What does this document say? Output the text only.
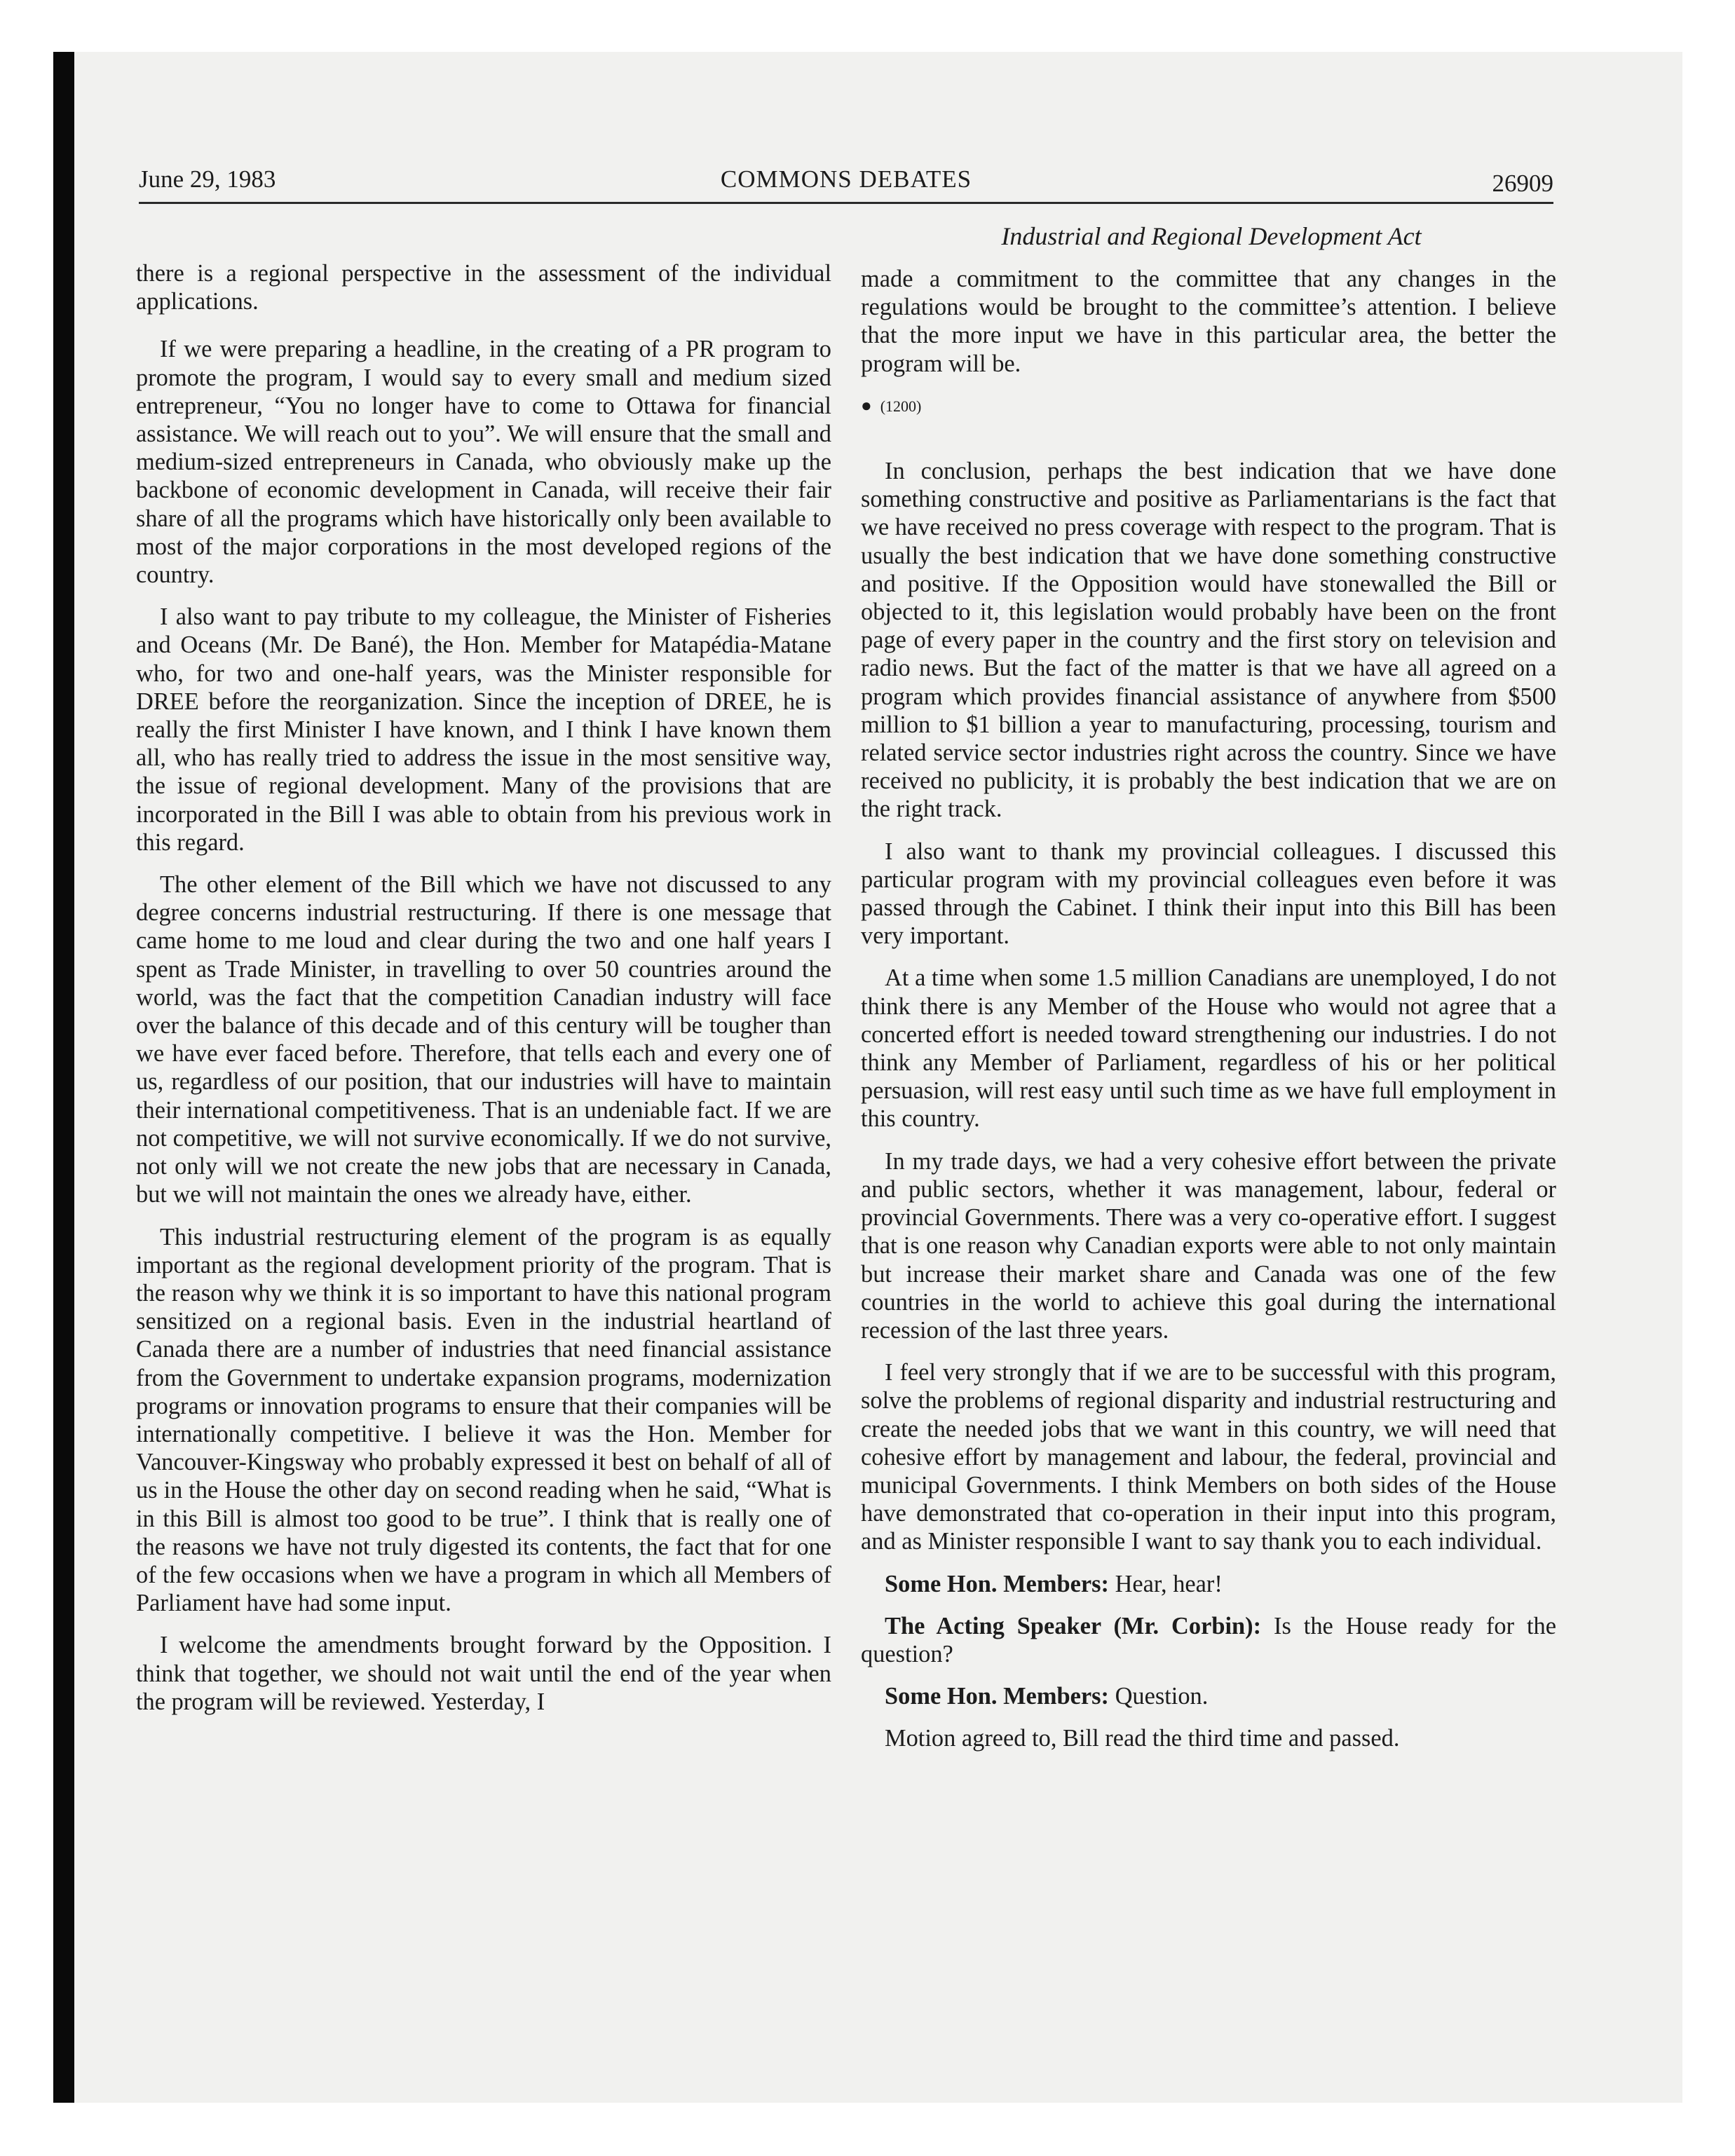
June 29, 1983	COMMONS DEBATES	26909
Industrial and Regional Development Act

there is a regional perspective in the assessment of the individual applications.

If we were preparing a headline, in the creating of a PR program to promote the program, I would say to every small and medium sized entrepreneur, “You no longer have to come to Ottawa for financial assistance. We will reach out to you”. We will ensure that the small and medium-sized entrepreneurs in Canada, who obviously make up the backbone of economic development in Canada, will receive their fair share of all the programs which have historically only been available to most of the major corporations in the most developed regions of the country.

I also want to pay tribute to my colleague, the Minister of Fisheries and Oceans (Mr. De Bané), the Hon. Member for Matapédia-Matane who, for two and one-half years, was the Minister responsible for DREE before the reorganization. Since the inception of DREE, he is really the first Minister I have known, and I think I have known them all, who has really tried to address the issue in the most sensitive way, the issue of regional development. Many of the provisions that are incorporated in the Bill I was able to obtain from his previous work in this regard.

The other element of the Bill which we have not discussed to any degree concerns industrial restructuring. If there is one message that came home to me loud and clear during the two and one half years I spent as Trade Minister, in travelling to over 50 countries around the world, was the fact that the competition Canadian industry will face over the balance of this decade and of this century will be tougher than we have ever faced before. Therefore, that tells each and every one of us, regardless of our position, that our industries will have to maintain their international competitiveness. That is an undeniable fact. If we are not competitive, we will not survive economically. If we do not survive, not only will we not create the new jobs that are necessary in Canada, but we will not maintain the ones we already have, either.

This industrial restructuring element of the program is as equally important as the regional development priority of the program. That is the reason why we think it is so important to have this national program sensitized on a regional basis. Even in the industrial heartland of Canada there are a number of industries that need financial assistance from the Government to undertake expansion programs, modernization programs or innovation programs to ensure that their companies will be internationally competitive. I believe it was the Hon. Member for Vancouver-Kingsway who probably expressed it best on behalf of all of us in the House the other day on second reading when he said, “What is in this Bill is almost too good to be true”. I think that is really one of the reasons we have not truly digested its contents, the fact that for one of the few occasions when we have a program in which all Members of Parliament have had some input.

I welcome the amendments brought forward by the Opposition. I think that together, we should not wait until the end of the year when the program will be reviewed. Yesterday, I

made a commitment to the committee that any changes in the regulations would be brought to the committee’s attention. I believe that the more input we have in this particular area, the better the program will be.

● (1200)

In conclusion, perhaps the best indication that we have done something constructive and positive as Parliamentarians is the fact that we have received no press coverage with respect to the program. That is usually the best indication that we have done something constructive and positive. If the Opposition would have stonewalled the Bill or objected to it, this legislation would probably have been on the front page of every paper in the country and the first story on television and radio news. But the fact of the matter is that we have all agreed on a program which provides financial assistance of anywhere from $500 million to $1 billion a year to manufacturing, processing, tourism and related service sector industries right across the country. Since we have received no publicity, it is probably the best indication that we are on the right track.

I also want to thank my provincial colleagues. I discussed this particular program with my provincial colleagues even before it was passed through the Cabinet. I think their input into this Bill has been very important.

At a time when some 1.5 million Canadians are unemployed, I do not think there is any Member of the House who would not agree that a concerted effort is needed toward strengthening our industries. I do not think any Member of Parliament, regardless of his or her political persuasion, will rest easy until such time as we have full employment in this country.

In my trade days, we had a very cohesive effort between the private and public sectors, whether it was management, labour, federal or provincial Governments. There was a very co-operative effort. I suggest that is one reason why Canadian exports were able to not only maintain but increase their market share and Canada was one of the few countries in the world to achieve this goal during the international recession of the last three years.

I feel very strongly that if we are to be successful with this program, solve the problems of regional disparity and industrial restructuring and create the needed jobs that we want in this country, we will need that cohesive effort by management and labour, the federal, provincial and municipal Governments. I think Members on both sides of the House have demonstrated that co-operation in their input into this program, and as Minister responsible I want to say thank you to each individual.

Some Hon. Members: Hear, hear!

The Acting Speaker (Mr. Corbin): Is the House ready for the question?

Some Hon. Members: Question.

Motion agreed to, Bill read the third time and passed.
